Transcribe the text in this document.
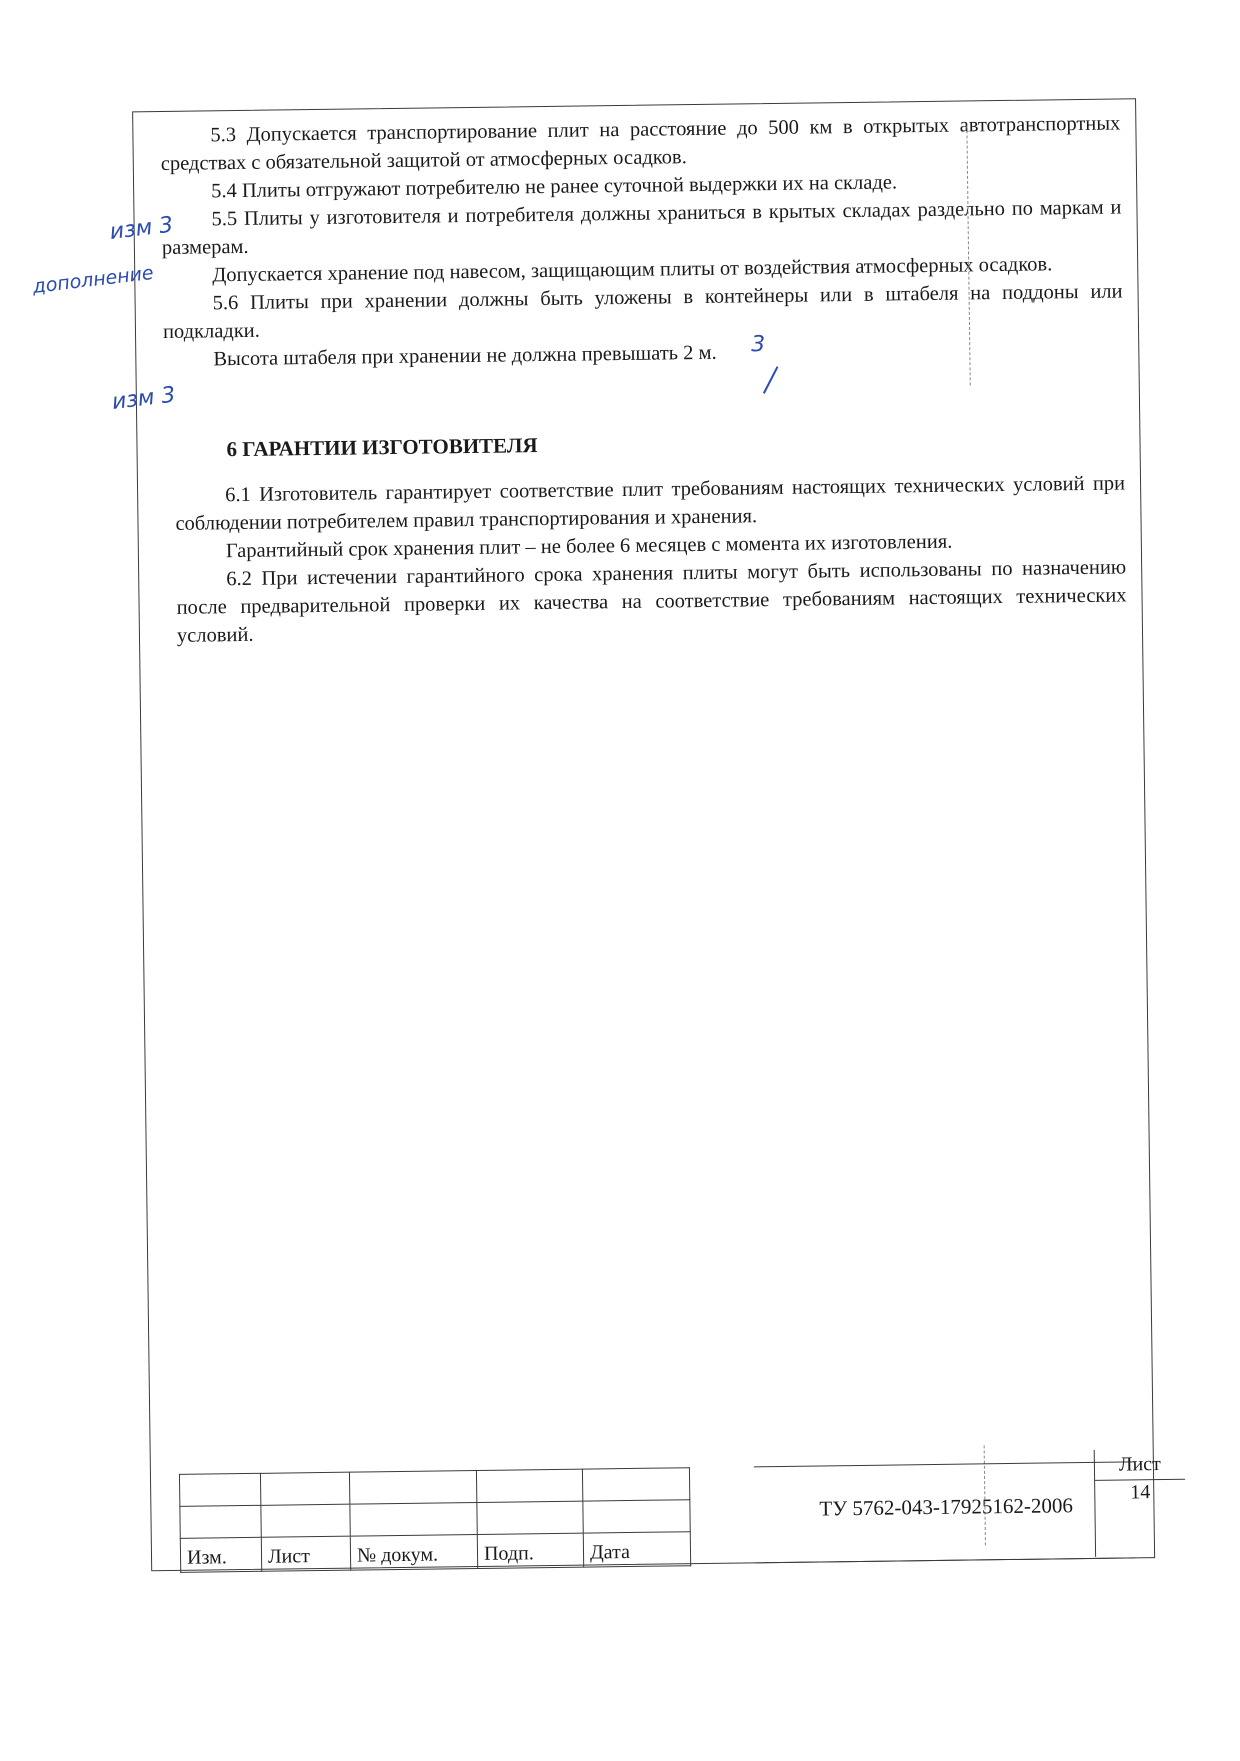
5.3 Допускается транспортирование плит на расстояние до 500 км в открытых автотранспортных средствах с обязательной защитой от атмосферных осадков.

5.4 Плиты отгружают потребителю не ранее суточной выдержки их на складе.

5.5 Плиты у изготовителя и потребителя должны храниться в крытых складах раздельно по маркам и размерам.

Допускается хранение под навесом, защищающим плиты от воздействия атмосферных осадков.

5.6 Плиты при хранении должны быть уложены в контейнеры или в штабеля на поддоны или подкладки.

Высота штабеля при хранении не должна превышать 2 м.	3
изм 3
дополнение
изм 3
6 ГАРАНТИИ ИЗГОТОВИТЕЛЯ

6.1 Изготовитель гарантирует соответствие плит требованиям настоящих технических условий при соблюдении потребителем правил транспортирования и хранения.

Гарантийный срок хранения плит – не более 6 месяцев с момента их изготовления.

6.2 При истечении гарантийного срока хранения плиты могут быть использованы по назначению после предварительной проверки их качества на соответствие требованиям настоящих технических условий.

Изм.	Лист	№ докум.	Подп.	Дата
ТУ 5762-043-17925162-2006
Лист
14
